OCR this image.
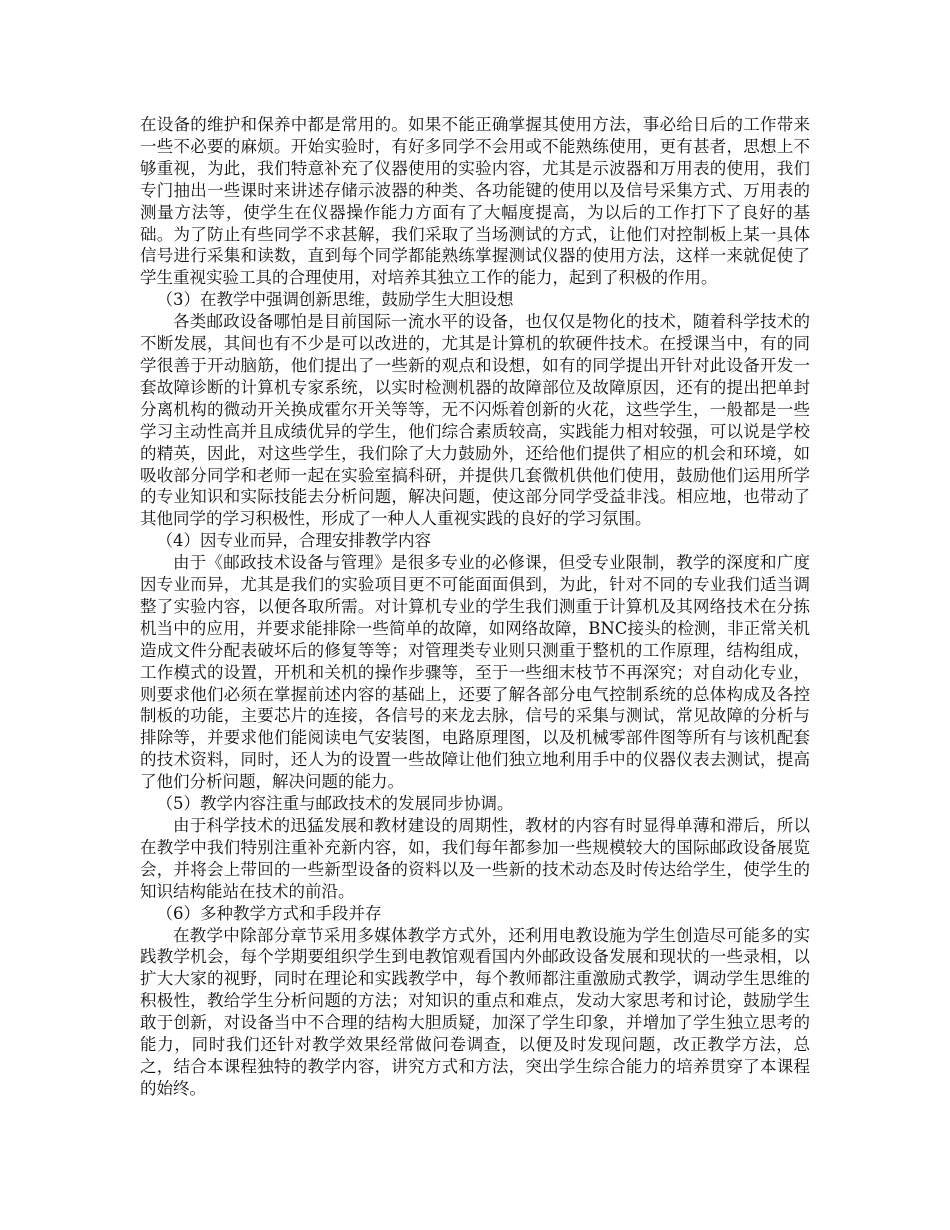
在设备的维护和保养中都是常用的。如果不能正确掌握其使用方法，事必给日后的工作带来一些不必要的麻烦。开始实验时，有好多同学不会用或不能熟练使用，更有甚者，思想上不够重视，为此，我们特意补充了仪器使用的实验内容，尤其是示波器和万用表的使用，我们专门抽出一些课时来讲述存储示波器的种类、各功能键的使用以及信号采集方式、万用表的测量方法等，使学生在仪器操作能力方面有了大幅度提高，为以后的工作打下了良好的基础。为了防止有些同学不求甚解，我们采取了当场测试的方式，让他们对控制板上某一具体信号进行采集和读数，直到每个同学都能熟练掌握测试仪器的使用方法，这样一来就促使了学生重视实验工具的合理使用，对培养其独立工作的能力，起到了积极的作用。

（3）在教学中强调创新思维，鼓励学生大胆设想

各类邮政设备哪怕是目前国际一流水平的设备，也仅仅是物化的技术，随着科学技术的不断发展，其间也有不少是可以改进的，尤其是计算机的软硬件技术。在授课当中，有的同学很善于开动脑筋，他们提出了一些新的观点和设想，如有的同学提出开针对此设备开发一套故障诊断的计算机专家系统，以实时检测机器的故障部位及故障原因，还有的提出把单封分离机构的微动开关换成霍尔开关等等，无不闪烁着创新的火花，这些学生，一般都是一些学习主动性高并且成绩优异的学生，他们综合素质较高，实践能力相对较强，可以说是学校的精英，因此，对这些学生，我们除了大力鼓励外，还给他们提供了相应的机会和环境，如吸收部分同学和老师一起在实验室搞科研，并提供几套微机供他们使用，鼓励他们运用所学的专业知识和实际技能去分析问题，解决问题，使这部分同学受益非浅。相应地，也带动了其他同学的学习积极性，形成了一种人人重视实践的良好的学习氛围。

（4）因专业而异，合理安排教学内容

由于《邮政技术设备与管理》是很多专业的必修课，但受专业限制，教学的深度和广度因专业而异，尤其是我们的实验项目更不可能面面俱到，为此，针对不同的专业我们适当调整了实验内容，以便各取所需。对计算机专业的学生我们测重于计算机及其网络技术在分拣机当中的应用，并要求能排除一些简单的故障，如网络故障，BNC接头的检测，非正常关机造成文件分配表破坏后的修复等等；对管理类专业则只测重于整机的工作原理，结构组成，工作模式的设置，开机和关机的操作步骤等，至于一些细末枝节不再深究；对自动化专业，则要求他们必须在掌握前述内容的基础上，还要了解各部分电气控制系统的总体构成及各控制板的功能，主要芯片的连接，各信号的来龙去脉，信号的采集与测试，常见故障的分析与排除等，并要求他们能阅读电气安装图，电路原理图，以及机械零部件图等所有与该机配套的技术资料，同时，还人为的设置一些故障让他们独立地利用手中的仪器仪表去测试，提高了他们分析问题，解决问题的能力。

（5）教学内容注重与邮政技术的发展同步协调。

由于科学技术的迅猛发展和教材建设的周期性，教材的内容有时显得单薄和滞后，所以在教学中我们特别注重补充新内容，如，我们每年都参加一些规模较大的国际邮政设备展览会，并将会上带回的一些新型设备的资料以及一些新的技术动态及时传达给学生，使学生的知识结构能站在技术的前沿。

（6）多种教学方式和手段并存

在教学中除部分章节采用多媒体教学方式外，还利用电教设施为学生创造尽可能多的实践教学机会，每个学期要组织学生到电教馆观看国内外邮政设备发展和现状的一些录相，以扩大大家的视野，同时在理论和实践教学中，每个教师都注重激励式教学，调动学生思维的积极性，教给学生分析问题的方法；对知识的重点和难点，发动大家思考和讨论，鼓励学生敢于创新，对设备当中不合理的结构大胆质疑，加深了学生印象，并增加了学生独立思考的能力，同时我们还针对教学效果经常做问卷调查，以便及时发现问题，改正教学方法，总之，结合本课程独特的教学内容，讲究方式和方法，突出学生综合能力的培养贯穿了本课程的始终。
